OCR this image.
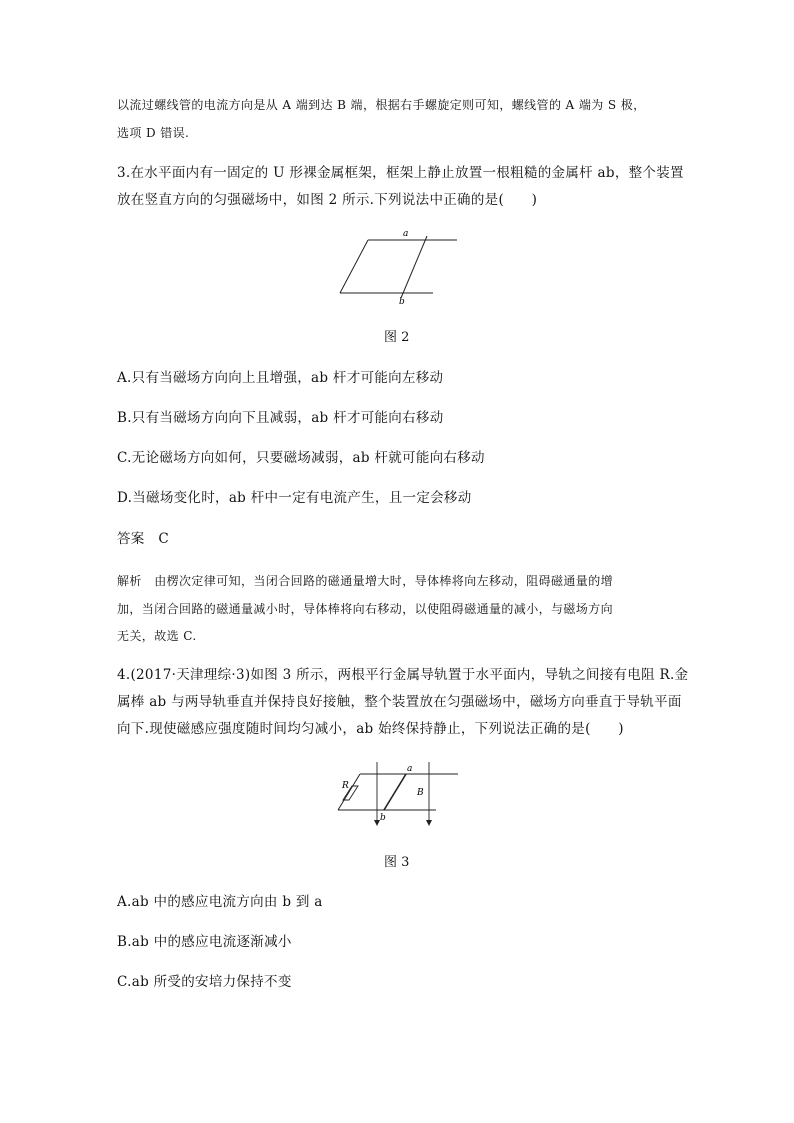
以流过螺线管的电流方向是从 A 端到达 B 端，根据右手螺旋定则可知，螺线管的 A 端为 S 极，
选项 D 错误.
3.在水平面内有一固定的 U 形裸金属框架，框架上静止放置一根粗糙的金属杆 ab，整个装置
放在竖直方向的匀强磁场中，如图 2 所示.下列说法中正确的是(　　)
a
b
图 2
A.只有当磁场方向向上且增强，ab 杆才可能向左移动
B.只有当磁场方向向下且减弱，ab 杆才可能向右移动
C.无论磁场方向如何，只要磁场减弱，ab 杆就可能向右移动
D.当磁场变化时，ab 杆中一定有电流产生，且一定会移动
答案　C
解析　由楞次定律可知，当闭合回路的磁通量增大时，导体棒将向左移动，阻碍磁通量的增
加，当闭合回路的磁通量减小时，导体棒将向右移动，以使阻碍磁通量的减小，与磁场方向
无关，故选 C.
4.(2017·天津理综·3)如图 3 所示，两根平行金属导轨置于水平面内，导轨之间接有电阻 R.金
属棒 ab 与两导轨垂直并保持良好接触，整个装置放在匀强磁场中，磁场方向垂直于导轨平面
向下.现使磁感应强度随时间均匀减小，ab 始终保持静止，下列说法正确的是(　　)
R
a
b
B
图 3
A.ab 中的感应电流方向由 b 到 a
B.ab 中的感应电流逐渐减小
C.ab 所受的安培力保持不变
